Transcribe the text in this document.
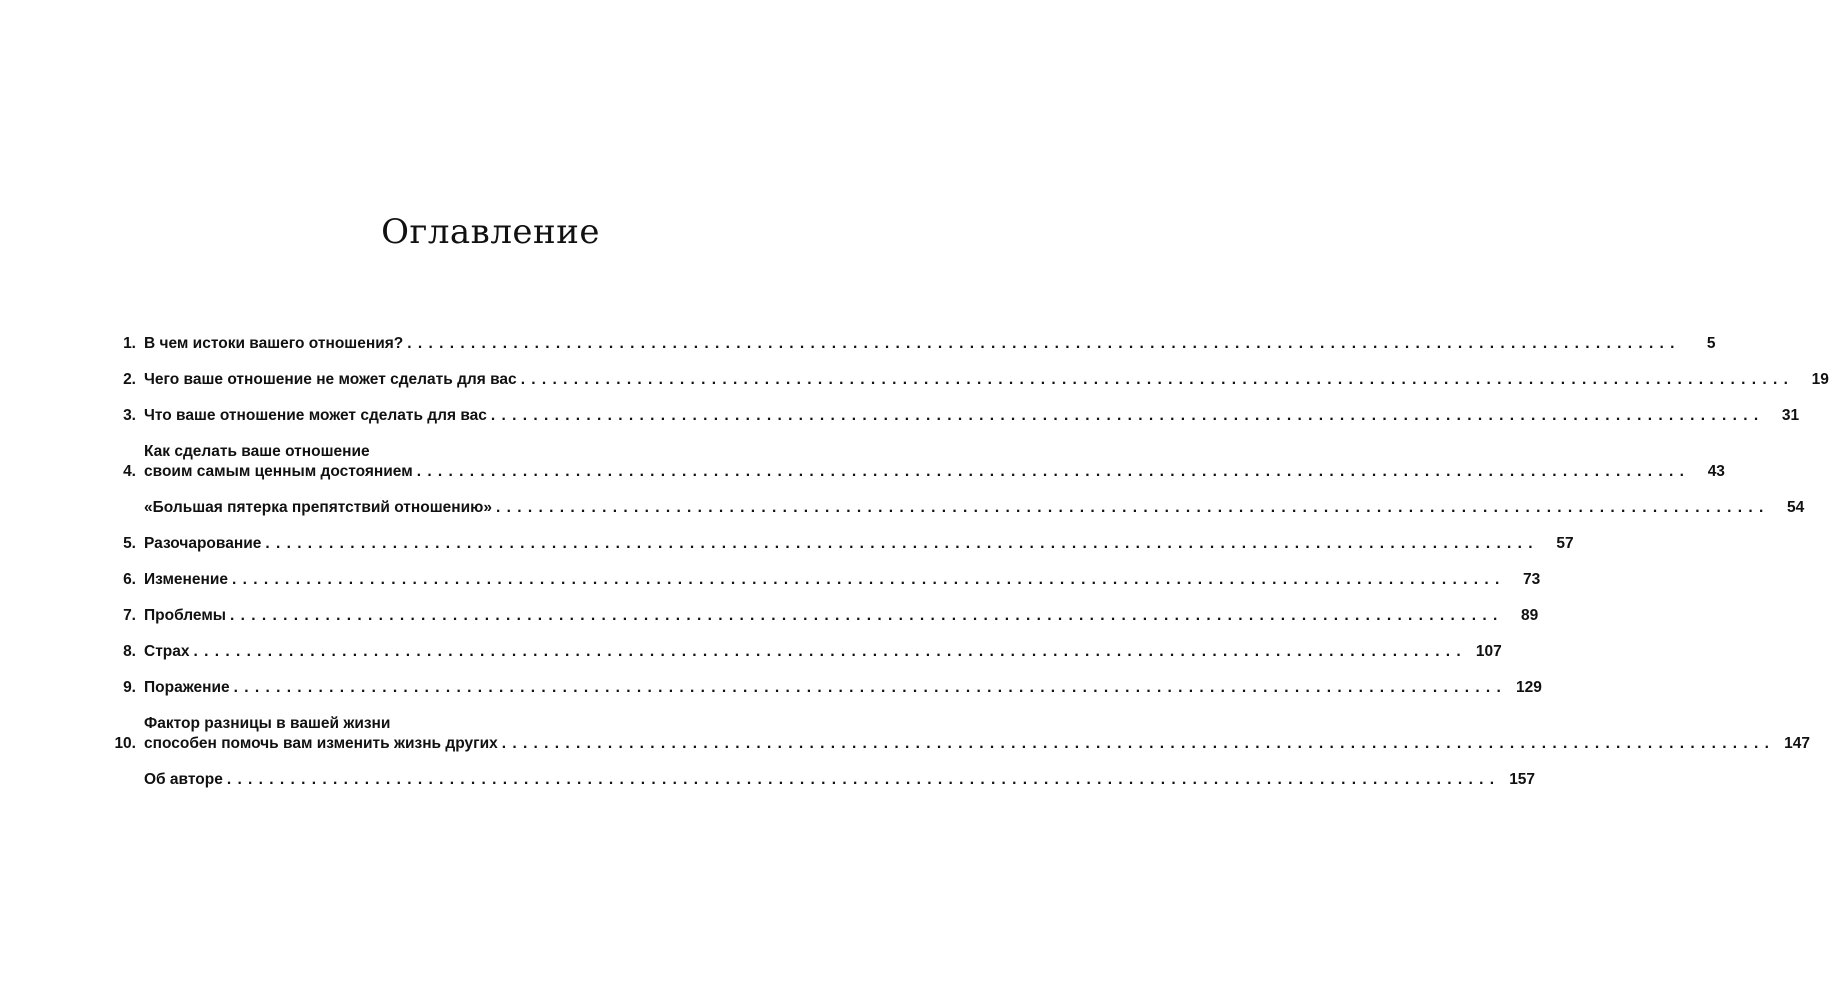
Оглавление
1. В чем истоки вашего отношения? . . . . . . . . . . . . . . . . . . . . . . . . . . . . . . . . . . . . . . . . . . . . . . . . . . . . . . . . . . . . . . . . . . . . . . . . . . . . . . . . . . . . . . . . . . . . . . . . . . . . . . . . . . . . . . . . . . . . . . . .	5
2. Чего ваше отношение не может сделать для вас . . . . . . . . . . . . . . . . . . . . . . . . . . . . . . . . . . . . . . . . . . . . . . . . . . . . . . . . . . . . . . . . . . . . . . . . . . . . . . . . . . . . . . . . . . . . . . . . . . . . . . . . . . . . . . . . . . . . . . . .	19
3. Что ваше отношение может сделать для вас . . . . . . . . . . . . . . . . . . . . . . . . . . . . . . . . . . . . . . . . . . . . . . . . . . . . . . . . . . . . . . . . . . . . . . . . . . . . . . . . . . . . . . . . . . . . . . . . . . . . . . . . . . . . . . . . . . . . . . . .	31
4.
Как сделать ваше отношение
своим самым ценным достоянием . . . . . . . . . . . . . . . . . . . . . . . . . . . . . . . . . . . . . . . . . . . . . . . . . . . . . . . . . . . . . . . . . . . . . . . . . . . . . . . . . . . . . . . . . . . . . . . . . . . . . . . . . . . . . . . . . . . . . . . .	43
«Большая пятерка препятствий отношению» . . . . . . . . . . . . . . . . . . . . . . . . . . . . . . . . . . . . . . . . . . . . . . . . . . . . . . . . . . . . . . . . . . . . . . . . . . . . . . . . . . . . . . . . . . . . . . . . . . . . . . . . . . . . . . . . . . . . . . . .	54
5. Разочарование . . . . . . . . . . . . . . . . . . . . . . . . . . . . . . . . . . . . . . . . . . . . . . . . . . . . . . . . . . . . . . . . . . . . . . . . . . . . . . . . . . . . . . . . . . . . . . . . . . . . . . . . . . . . . . . . . . . . . . . .	57
6. Изменение . . . . . . . . . . . . . . . . . . . . . . . . . . . . . . . . . . . . . . . . . . . . . . . . . . . . . . . . . . . . . . . . . . . . . . . . . . . . . . . . . . . . . . . . . . . . . . . . . . . . . . . . . . . . . . . . . . . . . . . .	73
7. Проблемы . . . . . . . . . . . . . . . . . . . . . . . . . . . . . . . . . . . . . . . . . . . . . . . . . . . . . . . . . . . . . . . . . . . . . . . . . . . . . . . . . . . . . . . . . . . . . . . . . . . . . . . . . . . . . . . . . . . . . . . .	89
8. Страх . . . . . . . . . . . . . . . . . . . . . . . . . . . . . . . . . . . . . . . . . . . . . . . . . . . . . . . . . . . . . . . . . . . . . . . . . . . . . . . . . . . . . . . . . . . . . . . . . . . . . . . . . . . . . . . . . . . . . . . . 107
9. Поражение . . . . . . . . . . . . . . . . . . . . . . . . . . . . . . . . . . . . . . . . . . . . . . . . . . . . . . . . . . . . . . . . . . . . . . . . . . . . . . . . . . . . . . . . . . . . . . . . . . . . . . . . . . . . . . . . . . . . . . . . 129
10.
Фактор разницы в вашей жизни
способен помочь вам изменить жизнь других . . . . . . . . . . . . . . . . . . . . . . . . . . . . . . . . . . . . . . . . . . . . . . . . . . . . . . . . . . . . . . . . . . . . . . . . . . . . . . . . . . . . . . . . . . . . . . . . . . . . . . . . . . . . . . . . . . . . . . . . 147
Об авторе . . . . . . . . . . . . . . . . . . . . . . . . . . . . . . . . . . . . . . . . . . . . . . . . . . . . . . . . . . . . . . . . . . . . . . . . . . . . . . . . . . . . . . . . . . . . . . . . . . . . . . . . . . . . . . . . . . . . . . . . 157
